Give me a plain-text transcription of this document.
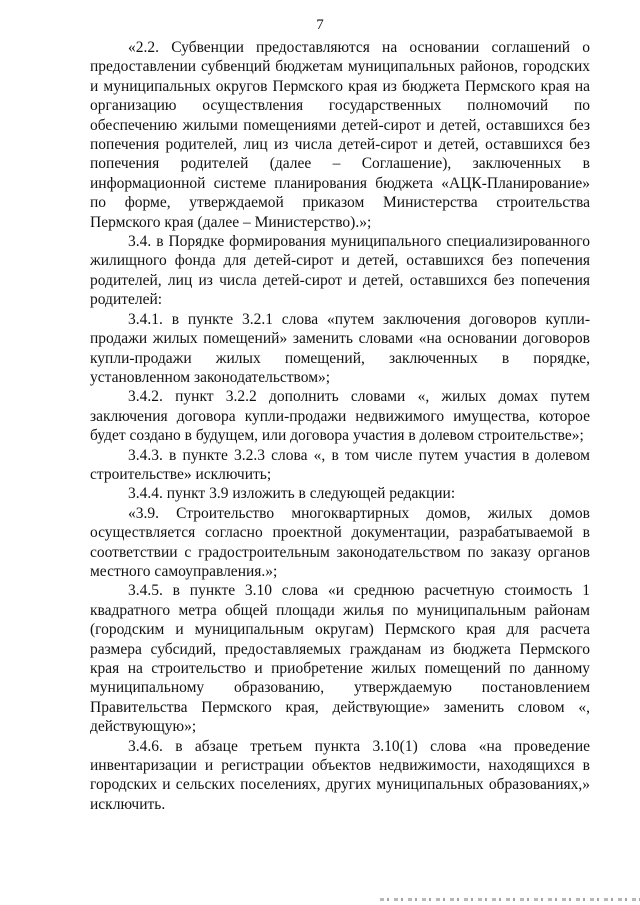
7

«2.2. Субвенции предоставляются на основании соглашений о предоставлении субвенций бюджетам муниципальных районов, городских и муниципальных округов Пермского края из бюджета Пермского края на организацию осуществления государственных полномочий по обеспечению жилыми помещениями детей-сирот и детей, оставшихся без попечения родителей, лиц из числа детей-сирот и детей, оставшихся без попечения родителей (далее – Соглашение), заключенных в информационной системе планирования бюджета «АЦК-Планирование» по форме, утверждаемой приказом Министерства строительства Пермского края (далее – Министерство).»;

3.4. в Порядке формирования муниципального специализированного жилищного фонда для детей-сирот и детей, оставшихся без попечения родителей, лиц из числа детей-сирот и детей, оставшихся без попечения родителей:

3.4.1. в пункте 3.2.1 слова «путем заключения договоров купли-продажи жилых помещений» заменить словами «на основании договоров купли-продажи жилых помещений, заключенных в порядке, установленном законодательством»;

3.4.2. пункт 3.2.2 дополнить словами «, жилых домах путем заключения договора купли-продажи недвижимого имущества, которое будет создано в будущем, или договора участия в долевом строительстве»;

3.4.3. в пункте 3.2.3 слова «, в том числе путем участия в долевом строительстве» исключить;

3.4.4. пункт 3.9 изложить в следующей редакции:

«3.9. Строительство многоквартирных домов, жилых домов осуществляется согласно проектной документации, разрабатываемой в соответствии с градостроительным законодательством по заказу органов местного самоуправления.»;

3.4.5. в пункте 3.10 слова «и среднюю расчетную стоимость 1 квадратного метра общей площади жилья по муниципальным районам (городским и муниципальным округам) Пермского края для расчета размера субсидий, предоставляемых гражданам из бюджета Пермского края на строительство и приобретение жилых помещений по данному муниципальному образованию, утверждаемую постановлением Правительства Пермского края, действующие» заменить словом «, действующую»;

3.4.6. в абзаце третьем пункта 3.10(1) слова «на проведение инвентаризации и регистрации объектов недвижимости, находящихся в городских и сельских поселениях, других муниципальных образованиях,» исключить.
